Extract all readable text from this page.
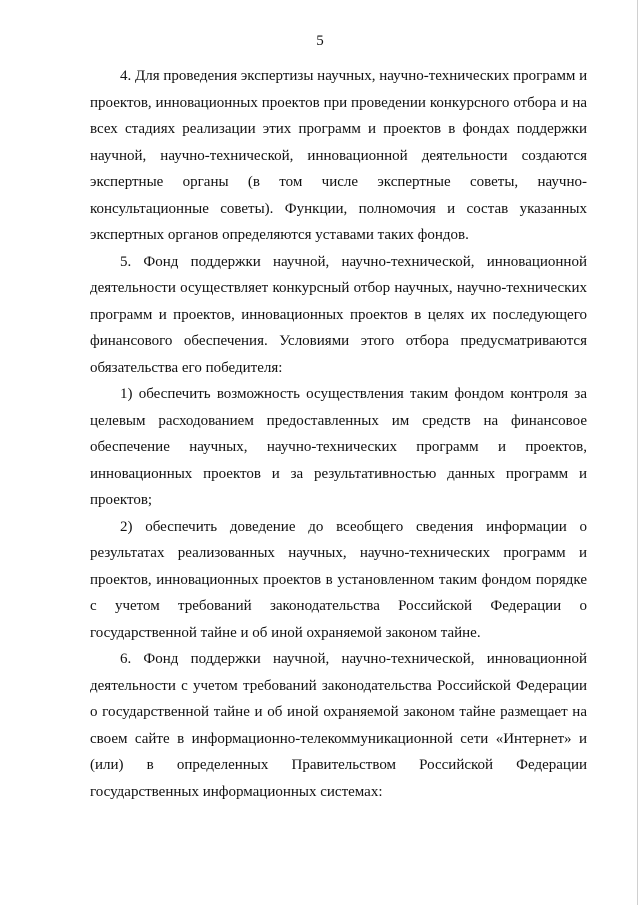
5

4. Для проведения экспертизы научных, научно-технических программ и
проектов, инновационных проектов при проведении конкурсного отбора и на
всех стадиях реализации этих программ и проектов в фондах поддержки
научной, научно-технической, инновационной деятельности создаются
экспертные органы (в том числе экспертные советы, научно-
консультационные советы). Функции, полномочия и состав указанных
экспертных органов определяются уставами таких фондов.

5. Фонд поддержки научной, научно-технической, инновационной
деятельности осуществляет конкурсный отбор научных, научно-технических
программ и проектов, инновационных проектов в целях их последующего
финансового обеспечения. Условиями этого отбора предусматриваются
обязательства его победителя:

1) обеспечить возможность осуществления таким фондом контроля за
целевым расходованием предоставленных им средств на финансовое
обеспечение научных, научно-технических программ и проектов,
инновационных проектов и за результативностью данных программ и
проектов;

2) обеспечить доведение до всеобщего сведения информации о
результатах реализованных научных, научно-технических программ и
проектов, инновационных проектов в установленном таким фондом порядке
с учетом требований законодательства Российской Федерации о
государственной тайне и об иной охраняемой законом тайне.

6. Фонд поддержки научной, научно-технической, инновационной
деятельности с учетом требований законодательства Российской Федерации
о государственной тайне и об иной охраняемой законом тайне размещает на
своем сайте в информационно-телекоммуникационной сети «Интернет» и
(или) в определенных Правительством Российской Федерации
государственных информационных системах:
